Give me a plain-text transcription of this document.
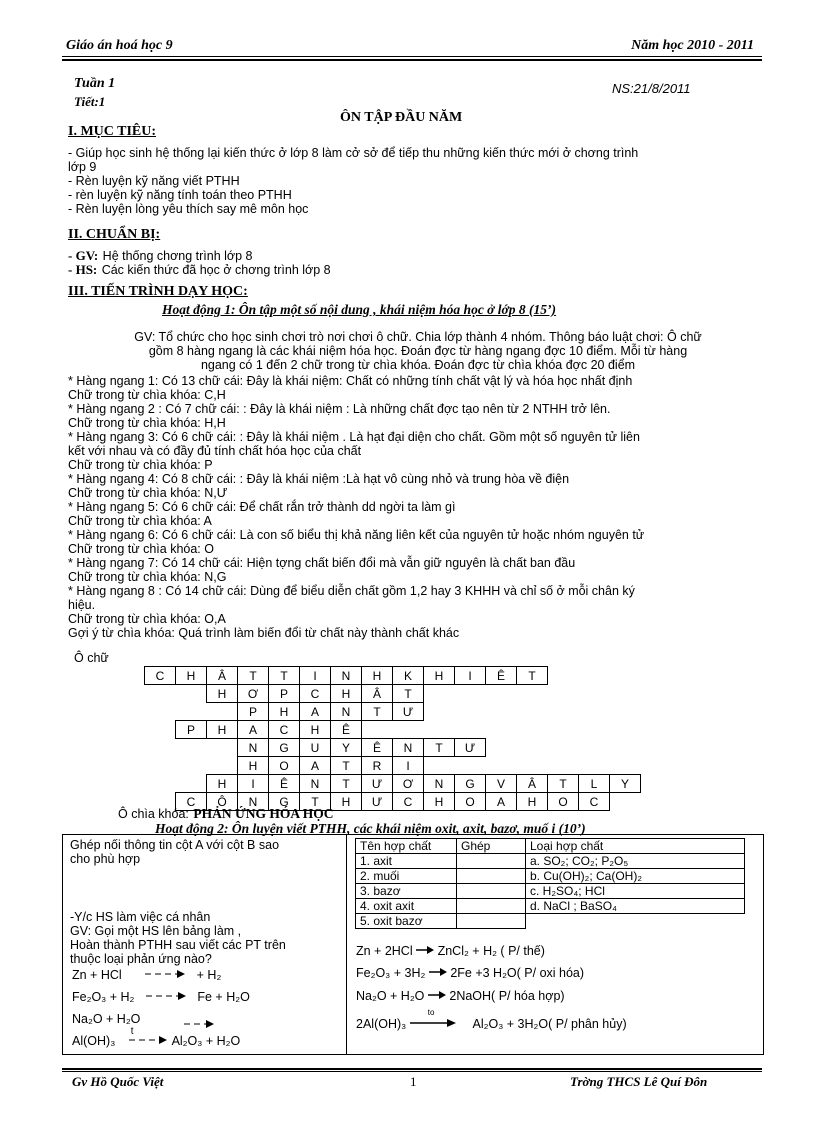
Giáo án hoá học 9	Năm học 2010 - 2011
Tuần 1
Tiết:1
NS:21/8/2011
ÔN TẬP ĐẦU NĂM
I. MỤC TIÊU:
- Giúp học sinh hệ thống lại kiến thức ở lớp 8 làm cở sở để tiếp thu những kiến thức mới ở chơng trình
lớp 9
- Rèn luyện kỹ năng viết PTHH
- rèn luyện kỹ năng tính toán theo PTHH
- Rèn luyện lòng yêu thích say mê môn học
II. CHUẨN BỊ:
- GV: Hệ thống chơng trình lớp 8
- HS: Các kiến thức đã học ở chơng trình lớp 8
III. TIẾN TRÌNH DẠY HỌC:
Hoạt động 1: Ôn tập một số nội dung , khái niệm hóa học ở lớp 8 (15’)
GV: Tổ chức cho học sinh chơi trò nơi chơi ô chữ. Chia lớp thành 4 nhóm. Thông báo luật chơi: Ô chữ
gồm 8 hàng ngang là các khái niệm hóa học. Đoán đợc từ hàng ngang đợc 10 điểm. Mỗi từ hàng
ngang có 1 đến 2 chữ trong từ chìa khóa. Đoán đợc từ chìa khóa đợc 20 điểm
* Hàng ngang 1: Có 13 chữ cái: Đây là khái niệm: Chất có những tính chất vật lý và hóa học nhất định
Chữ trong từ chìa khóa: C,H
* Hàng ngang 2 : Có 7 chữ cái: : Đây là khái niệm : Là những chất đợc tạo nên từ 2 NTHH trở lên.
Chữ trong từ chìa khóa: H,H
* Hàng ngang 3: Có 6 chữ cái: : Đây là khái niệm . Là hạt đại diện cho chất. Gồm một số nguyên tử liên
kết với nhau và có đầy đủ tính chất hóa học của chất
Chữ trong từ chìa khóa: P
* Hàng ngang 4: Có 8 chữ cái: : Đây là khái niệm :Là hạt vô cùng nhỏ và trung hòa về điện
Chữ trong từ chìa khóa: N,Ư
* Hàng ngang 5: Có 6 chữ cái: Để chất rắn trở thành dd ngời ta làm gì
Chữ trong từ chìa khóa: A
* Hàng ngang 6: Có 6 chữ cái: Là con số biểu thị khả năng liên kết của nguyên tử hoặc nhóm nguyên tử
Chữ trong từ chìa khóa: O
* Hàng ngang 7: Có 14 chữ cái: Hiện tợng chất biến đổi mà vẫn giữ nguyên là chất ban đầu
Chữ trong từ chìa khóa: N,G
* Hàng ngang 8 : Có 14 chữ cái: Dùng để biểu diễn chất gồm 1,2 hay 3 KHHH và chỉ số ở mỗi chân ký
hiệu.
Chữ trong từ chìa khóa: O,A
Gợi ý từ chìa khóa: Quá trình làm biến đổi từ chất này thành chất khác
Ô chữ
C	H	Â	T	T	I	N	H	K	H	I	Ê	T			
		H	Ơ	P	C	H	Â	T							
			P	H	A	N	T	Ư							
	P	H	A	C	H	Ê									
			N	G	U	Y	Ê	N	T	Ư					
			H	O	A	T	R	I							
		H	I	Ê	N	T	Ư	Ơ	N	G	V	Â	T	L	Y
	C	Ô	N	G	T	H	Ư	C	H	O	A	H	O	C	
Ô chìa khóa: PHẢN ỨNG HÓA HỌC
Hoạt động 2: Ôn luyện viết PTHH, các khái niệm oxit, axit, bazơ, muố i (10’)
Ghép nối thông tin cột A với cột B sao
cho phù hợp
-Y/c HS làm việc cá nhân
GV: Gọi một HS lên bảng làm ,
Hoàn thành PTHH sau viết các PT trên
thuộc loại phản ứng nào?
Zn + HCl	+ H₂
Fe₂O₃ + H₂	Fe + H₂O
Na₂O + H₂O
Al(OH)₃
t
Al₂O₃ + H₂O
Tên hợp chất	Ghép	Loại hợp chất
1. axit		a. SO₂; CO₂; P₂O₅
2. muối		b. Cu(OH)₂; Ca(OH)₂
3. bazơ		c. H₂SO₄; HCl
4. oxit axit		d. NaCl ; BaSO₄
5. oxit bazơ		
Zn + 2HCl ZnCl₂ + H₂ ( P/ thế)
Fe₂O₃ + 3H₂ 2Fe +3 H₂O( P/ oxi hóa)
Na₂O + H₂O 2NaOH( P/ hóa hợp)
2Al(OH)₃
to
Al₂O₃ + 3H₂O( P/ phân hủy)
Gv Hồ Quốc Việt	1	Trờng THCS Lê Quí Đôn
